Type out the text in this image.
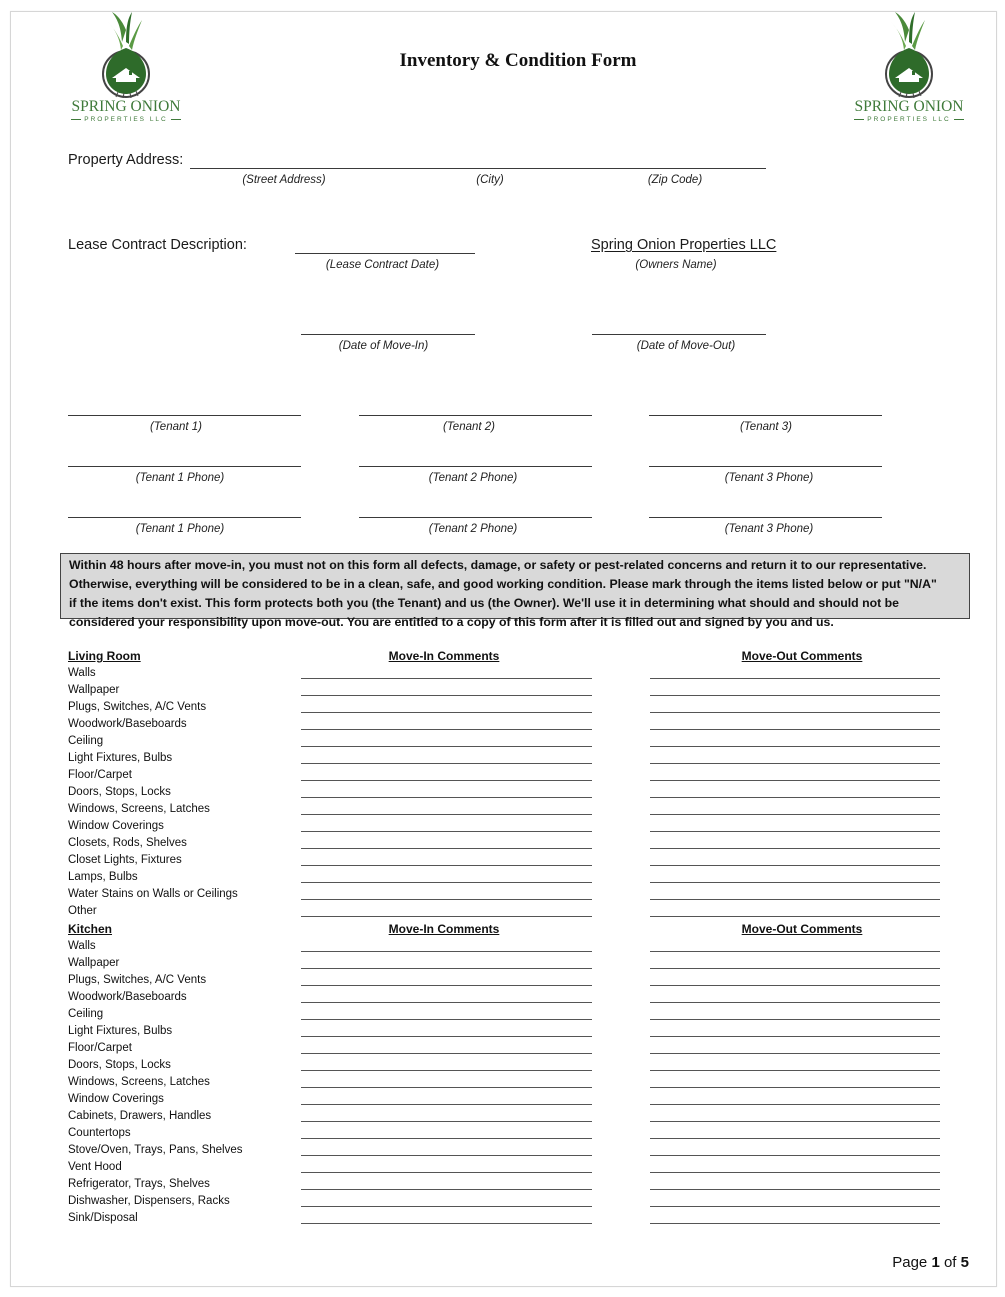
SPRING ONION
PROPERTIES LLC
SPRING ONION
PROPERTIES LLC
Inventory & Condition Form
Property Address:
(Street Address)	(City)	(Zip Code)
Lease Contract Description:
(Lease Contract Date)
Spring Onion Properties LLC
(Owners Name)
(Date of Move-In)	(Date of Move-Out)
(Tenant 1)	(Tenant 2)	(Tenant 3)
(Tenant 1 Phone)	(Tenant 2 Phone)	(Tenant 3 Phone)
(Tenant 1 Phone)	(Tenant 2 Phone)	(Tenant 3 Phone)
Within 48 hours after move-in, you must not on this form all defects, damage, or safety or pest-related concerns and return it to our representative.
Otherwise, everything will be considered to be in a clean, safe, and good working condition. Please mark through the items listed below or put "N/A"
if the items don't exist. This form protects both you (the Tenant) and us (the Owner). We'll use it in determining what should and should not be
considered your responsibility upon move-out. You are entitled to a copy of this form after it is filled out and signed by you and us.
Living Room	Move-In Comments	Move-Out Comments
Walls
Wallpaper
Plugs, Switches, A/C Vents
Woodwork/Baseboards
Ceiling
Light Fixtures, Bulbs
Floor/Carpet
Doors, Stops, Locks
Windows, Screens, Latches
Window Coverings
Closets, Rods, Shelves
Closet Lights, Fixtures
Lamps, Bulbs
Water Stains on Walls or Ceilings
Other
Kitchen	Move-In Comments	Move-Out Comments
Walls
Wallpaper
Plugs, Switches, A/C Vents
Woodwork/Baseboards
Ceiling
Light Fixtures, Bulbs
Floor/Carpet
Doors, Stops, Locks
Windows, Screens, Latches
Window Coverings
Cabinets, Drawers, Handles
Countertops
Stove/Oven, Trays, Pans, Shelves
Vent Hood
Refrigerator, Trays, Shelves
Dishwasher, Dispensers, Racks
Sink/Disposal
Page 1 of 5
